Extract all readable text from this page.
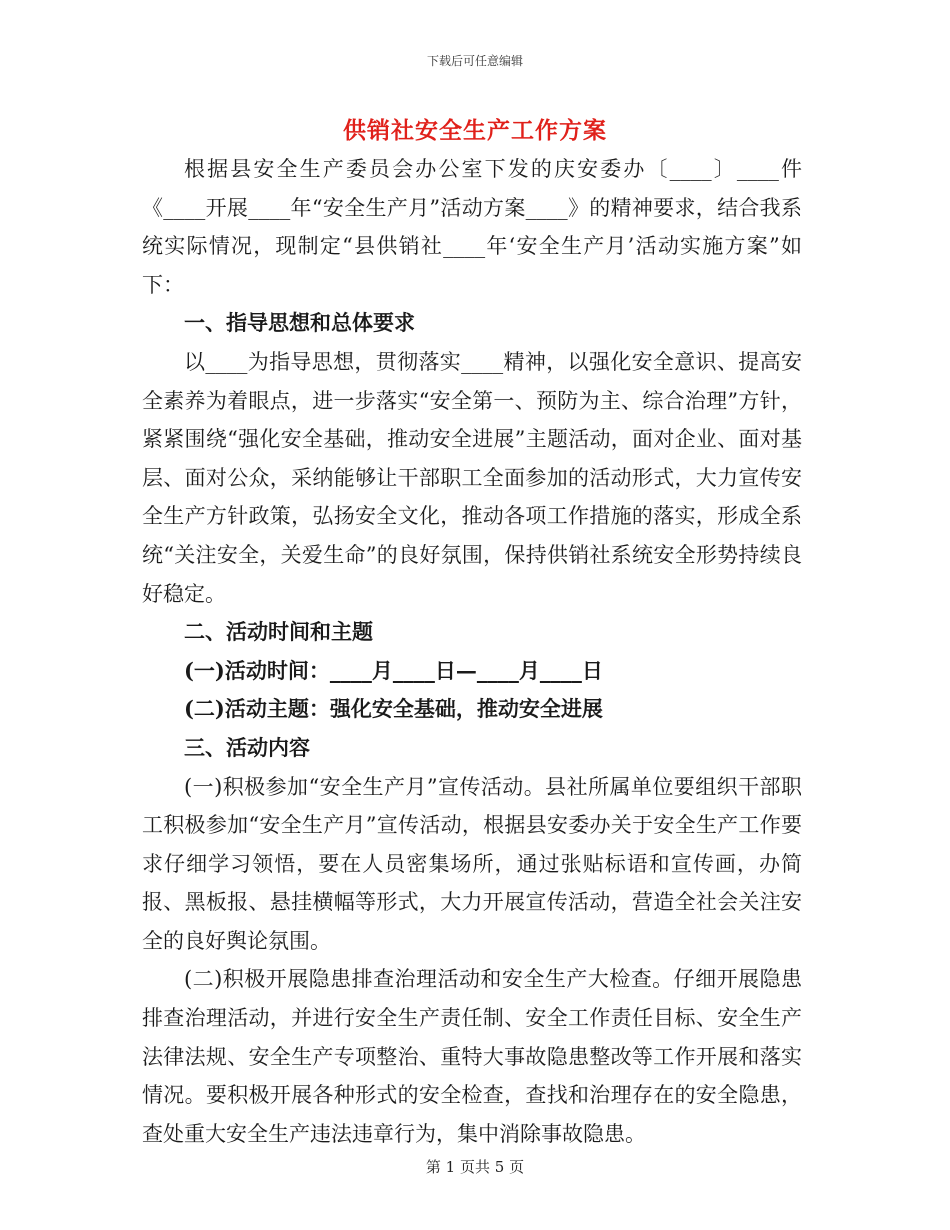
下载后可任意编辑
供销社安全生产工作方案

根据县安全生产委员会办公室下发的庆安委办〔____〕____件《____开展____年“安全生产月”活动方案____》的精神要求，结合我系统实际情况，现制定“县供销社____年‘安全生产月’活动实施方案”如下：

一、指导思想和总体要求

以____为指导思想，贯彻落实____精神，以强化安全意识、提高安全素养为着眼点，进一步落实“安全第一、预防为主、综合治理”方针，紧紧围绕“强化安全基础，推动安全进展”主题活动，面对企业、面对基层、面对公众，采纳能够让干部职工全面参加的活动形式，大力宣传安全生产方针政策，弘扬安全文化，推动各项工作措施的落实，形成全系统“关注安全，关爱生命”的良好氛围，保持供销社系统安全形势持续良好稳定。

二、活动时间和主题

(一)活动时间：____月____日—____月____日

(二)活动主题：强化安全基础，推动安全进展

三、活动内容

(一)积极参加“安全生产月”宣传活动。县社所属单位要组织干部职工积极参加“安全生产月”宣传活动，根据县安委办关于安全生产工作要求仔细学习领悟，要在人员密集场所，通过张贴标语和宣传画，办简报、黑板报、悬挂横幅等形式，大力开展宣传活动，营造全社会关注安全的良好舆论氛围。

(二)积极开展隐患排查治理活动和安全生产大检查。仔细开展隐患排查治理活动，并进行安全生产责任制、安全工作责任目标、安全生产法律法规、安全生产专项整治、重特大事故隐患整改等工作开展和落实情况。要积极开展各种形式的安全检查，查找和治理存在的安全隐患，查处重大安全生产违法违章行为，集中消除事故隐患。

第 1 页共 5 页
